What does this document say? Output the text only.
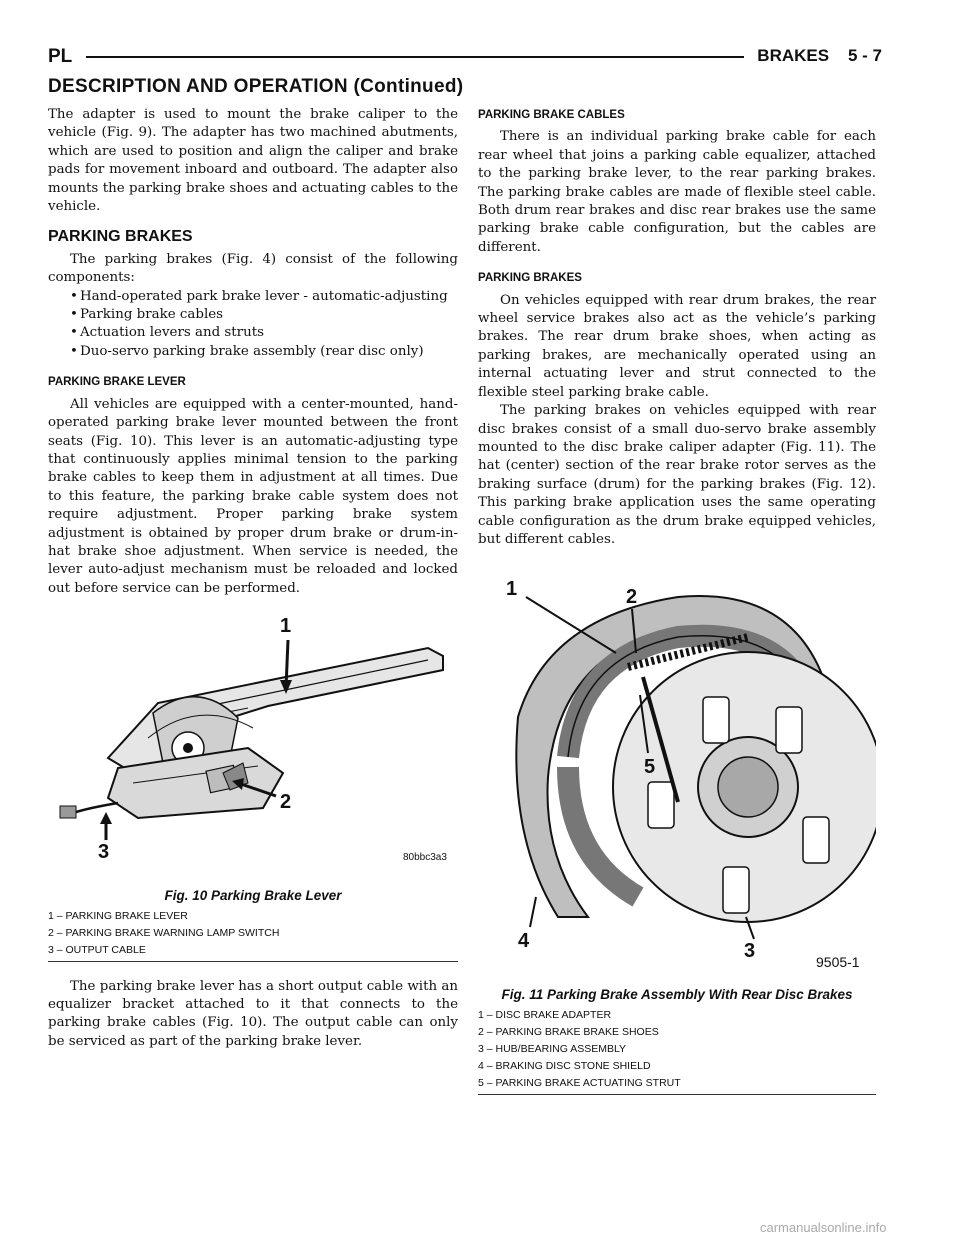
PL	BRAKES    5 - 7
DESCRIPTION AND OPERATION (Continued)

The adapter is used to mount the brake caliper to the vehicle (Fig. 9). The adapter has two machined abutments, which are used to position and align the caliper and brake pads for movement inboard and outboard. The adapter also mounts the parking brake shoes and actuating cables to the vehicle.

PARKING BRAKES

The parking brakes (Fig. 4) consist of the following components:

• Hand-operated park brake lever - automatic-adjusting

• Parking brake cables

• Actuation levers and struts

• Duo-servo parking brake assembly (rear disc only)

PARKING BRAKE LEVER

All vehicles are equipped with a center-mounted, hand-operated parking brake lever mounted between the front seats (Fig. 10). This lever is an automatic-adjusting type that continuously applies minimal tension to the parking brake cables to keep them in adjustment at all times. Due to this feature, the parking brake cable system does not require adjustment. Proper parking brake system adjustment is obtained by proper drum brake or drum-in-hat brake shoe adjustment. When service is needed, the lever auto-adjust mechanism must be reloaded and locked out before service can be performed.

1
2
3	80bbc3a3
Fig. 10 Parking Brake Lever
1 – PARKING BRAKE LEVER
2 – PARKING BRAKE WARNING LAMP SWITCH
3 – OUTPUT CABLE

The parking brake lever has a short output cable with an equalizer bracket attached to it that connects to the parking brake cables (Fig. 10). The output cable can only be serviced as part of the parking brake lever.

PARKING BRAKE CABLES

There is an individual parking brake cable for each rear wheel that joins a parking cable equalizer, attached to the parking brake lever, to the rear parking brakes. The parking brake cables are made of flexible steel cable. Both drum rear brakes and disc rear brakes use the same parking brake cable configuration, but the cables are different.

PARKING BRAKES

On vehicles equipped with rear drum brakes, the rear wheel service brakes also act as the vehicle’s parking brakes. The rear drum brake shoes, when acting as parking brakes, are mechanically operated using an internal actuating lever and strut connected to the flexible steel parking brake cable.

The parking brakes on vehicles equipped with rear disc brakes consist of a small duo-servo brake assembly mounted to the disc brake caliper adapter (Fig. 11). The hat (center) section of the rear brake rotor serves as the braking surface (drum) for the parking brakes (Fig. 12). This parking brake application uses the same operating cable configuration as the drum brake equipped vehicles, but different cables.

1	2
5
4	3	9505-1
Fig. 11 Parking Brake Assembly With Rear Disc Brakes
1 – DISC BRAKE ADAPTER
2 – PARKING BRAKE BRAKE SHOES
3 – HUB/BEARING ASSEMBLY
4 – BRAKING DISC STONE SHIELD
5 – PARKING BRAKE ACTUATING STRUT
carmanualsonline.info
